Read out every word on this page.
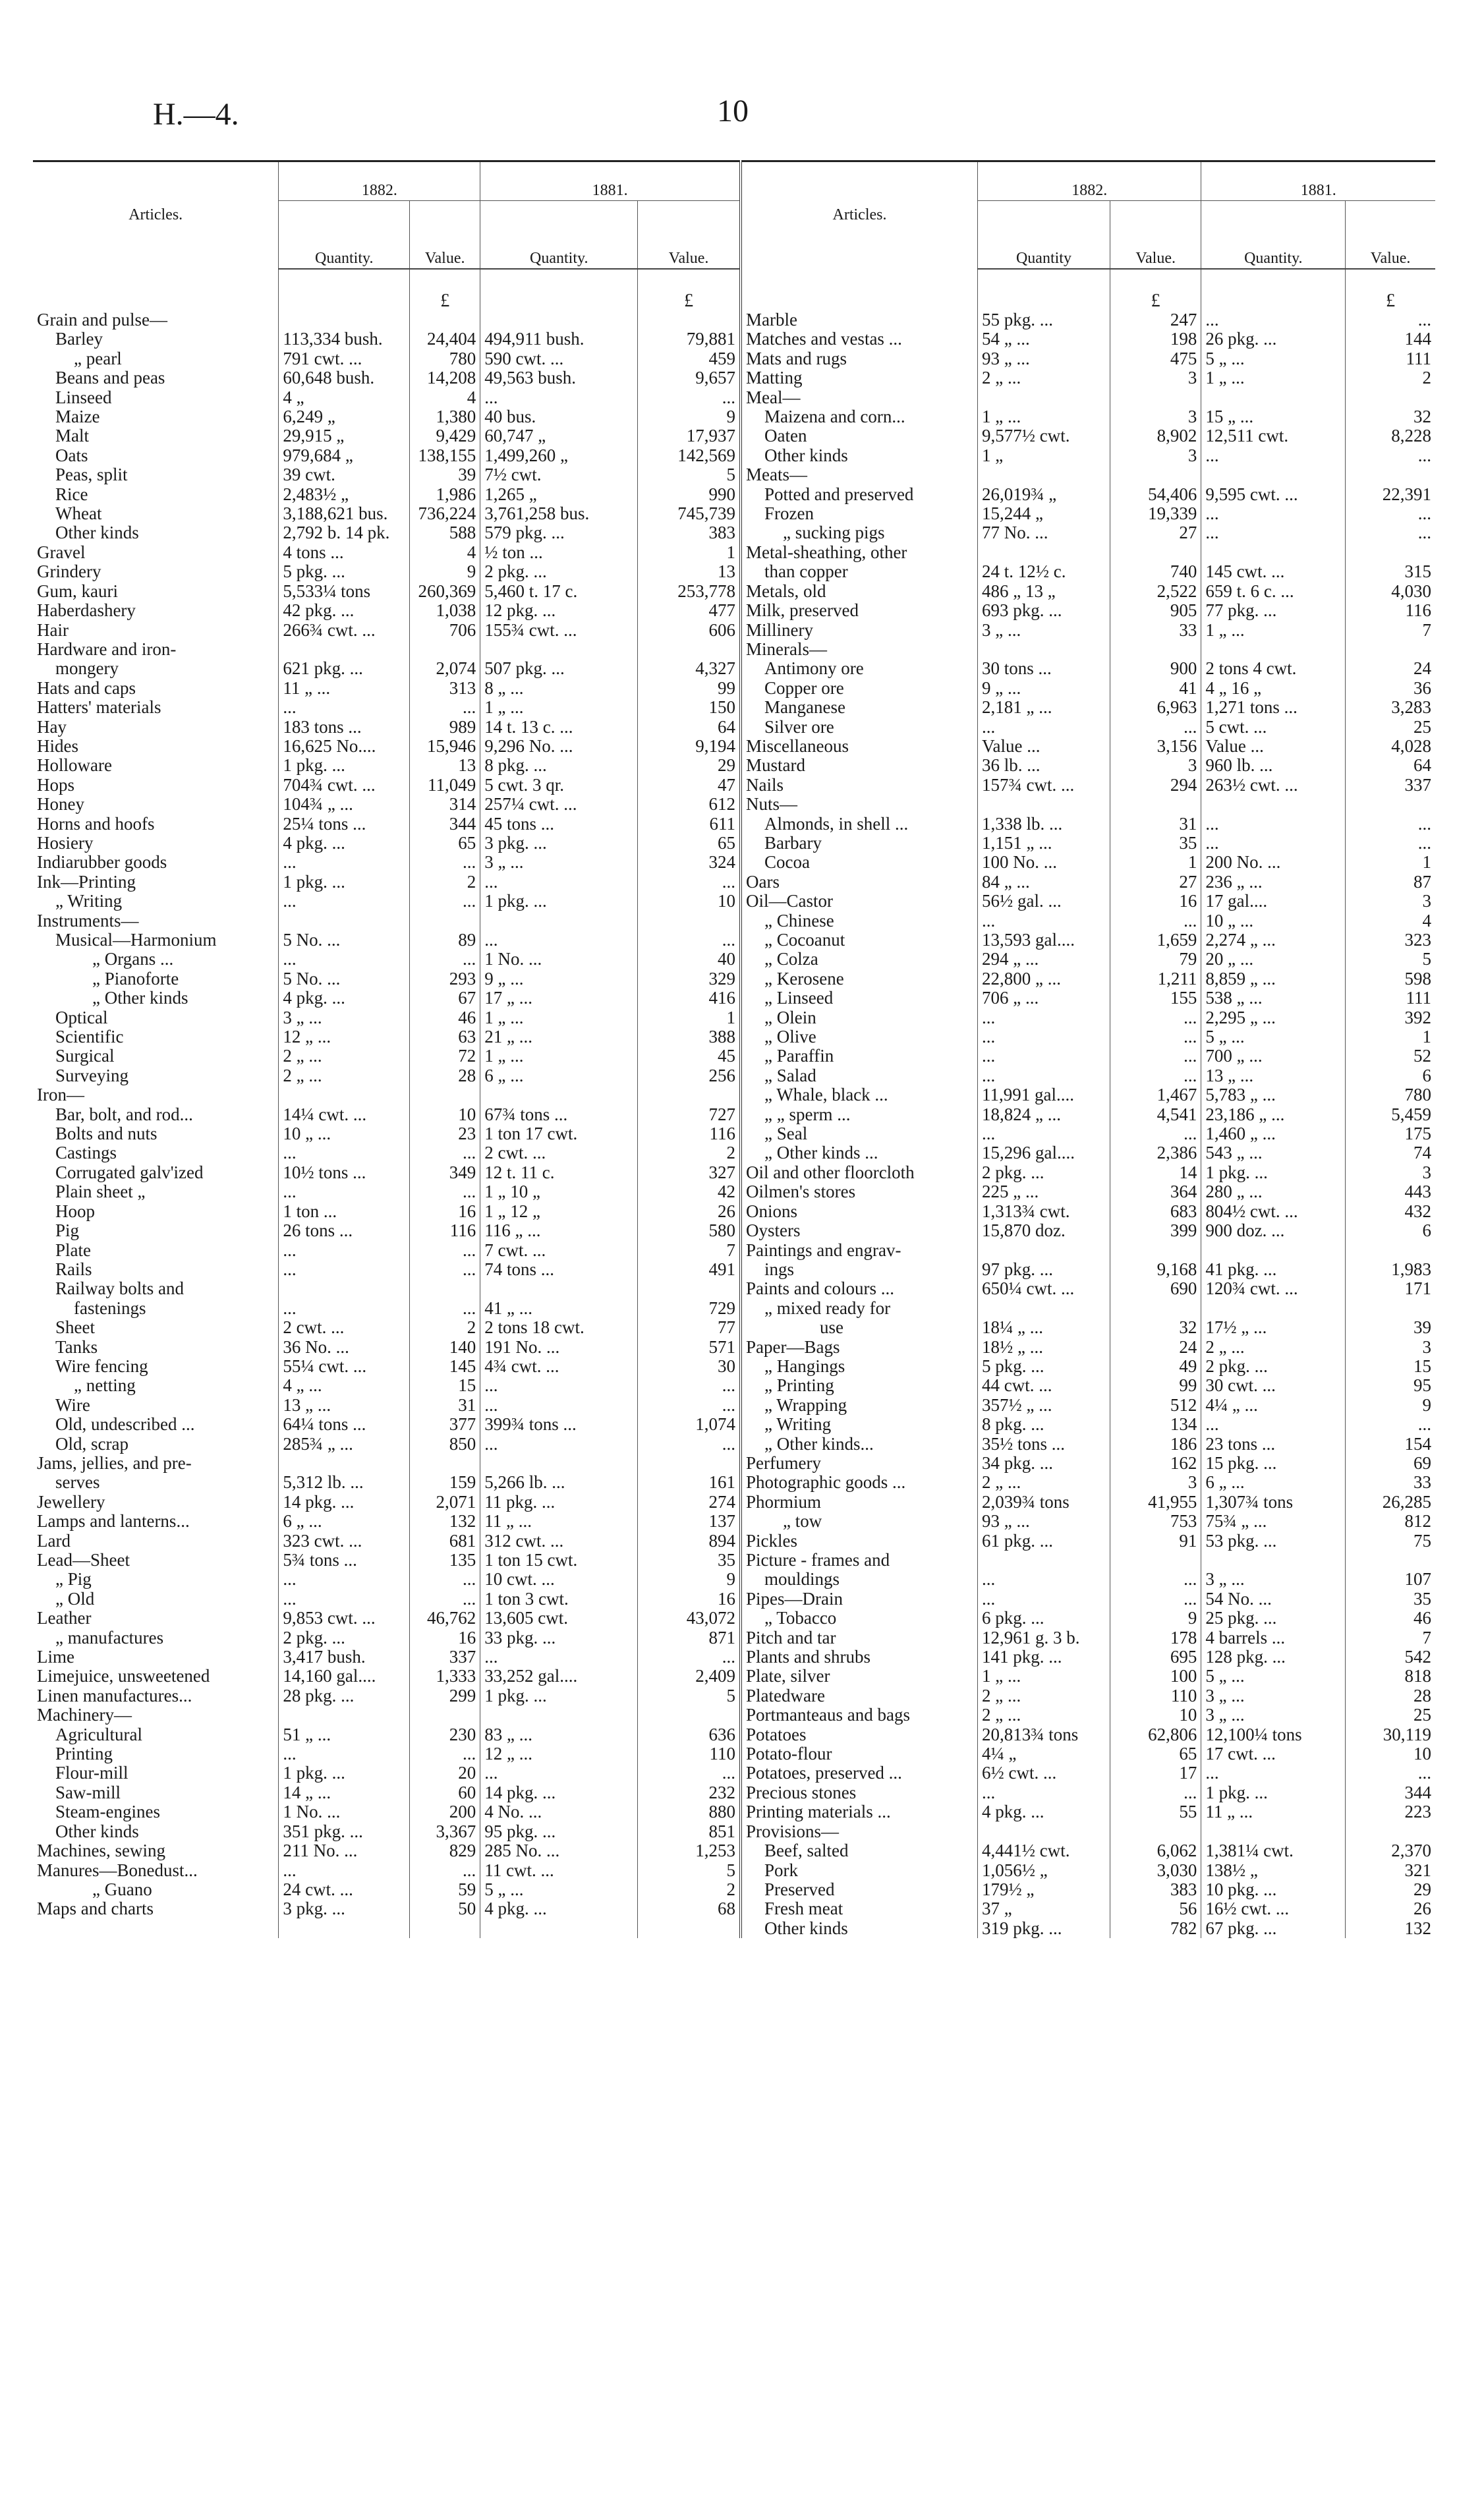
H.—4.	10
Articles.	1882.		1881.		Articles.	1882.		1881.	
	Quantity.	Value.	Quantity.	Value.		Quantity	Value.	Quantity.	Value.
		£		£			£		£
Grain and pulse—					Marble	55 pkg. ...	247	...	...
Barley	113,334 bush.	24,404	494,911 bush.	79,881	Matches and vestas ...	54 „ ...	198	26 pkg. ...	144
„ pearl	791 cwt. ...	780	590 cwt. ...	459	Mats and rugs	93 „ ...	475	5 „ ...	111
Beans and peas	60,648 bush.	14,208	49,563 bush.	9,657	Matting	2 „ ...	3	1 „ ...	2
Linseed	4 „	4	...	...	Meal—				
Maize	6,249 „	1,380	40 bus.	9	Maizena and corn...	1 „ ...	3	15 „ ...	32
Malt	29,915 „	9,429	60,747 „	17,937	Oaten	9,577½ cwt.	8,902	12,511 cwt.	8,228
Oats	979,684 „	138,155	1,499,260 „	142,569	Other kinds	1 „	3	...	...
Peas, split	39 cwt.	39	7½ cwt.	5	Meats—				
Rice	2,483½ „	1,986	1,265 „	990	Potted and preserved	26,019¾ „	54,406	9,595 cwt. ...	22,391
Wheat	3,188,621 bus.	736,224	3,761,258 bus.	745,739	Frozen	15,244 „	19,339	...	...
Other kinds	2,792 b. 14 pk.	588	579 pkg. ...	383	„ sucking pigs	77 No. ...	27	...	...
Gravel	4 tons ...	4	½ ton ...	1	Metal-sheathing, other				
Grindery	5 pkg. ...	9	2 pkg. ...	13	than copper	24 t. 12½ c.	740	145 cwt. ...	315
Gum, kauri	5,533¼ tons	260,369	5,460 t. 17 c.	253,778	Metals, old	486 „ 13 „	2,522	659 t. 6 c. ...	4,030
Haberdashery	42 pkg. ...	1,038	12 pkg. ...	477	Milk, preserved	693 pkg. ...	905	77 pkg. ...	116
Hair	266¾ cwt. ...	706	155¾ cwt. ...	606	Millinery	3 „ ...	33	1 „ ...	7
Hardware and iron-					Minerals—				
mongery	621 pkg. ...	2,074	507 pkg. ...	4,327	Antimony ore	30 tons ...	900	2 tons 4 cwt.	24
Hats and caps	11 „ ...	313	8 „ ...	99	Copper ore	9 „ ...	41	4 „ 16 „	36
Hatters' materials	...	...	1 „ ...	150	Manganese	2,181 „ ...	6,963	1,271 tons ...	3,283
Hay	183 tons ...	989	14 t. 13 c. ...	64	Silver ore	...	...	5 cwt. ...	25
Hides	16,625 No....	15,946	9,296 No. ...	9,194	Miscellaneous	Value ...	3,156	Value ...	4,028
Holloware	1 pkg. ...	13	8 pkg. ...	29	Mustard	36 lb. ...	3	960 lb. ...	64
Hops	704¾ cwt. ...	11,049	5 cwt. 3 qr.	47	Nails	157¾ cwt. ...	294	263½ cwt. ...	337
Honey	104¾ „ ...	314	257¼ cwt. ...	612	Nuts—				
Horns and hoofs	25¼ tons ...	344	45 tons ...	611	Almonds, in shell ...	1,338 lb. ...	31	...	...
Hosiery	4 pkg. ...	65	3 pkg. ...	65	Barbary	1,151 „ ...	35	...	...
Indiarubber goods	...	...	3 „ ...	324	Cocoa	100 No. ...	1	200 No. ...	1
Ink—Printing	1 pkg. ...	2	...	...	Oars	84 „ ...	27	236 „ ...	87
„ Writing	...	...	1 pkg. ...	10	Oil—Castor	56½ gal. ...	16	17 gal....	3
Instruments—					„ Chinese	...	...	10 „ ...	4
Musical—Harmonium	5 No. ...	89	...	...	„ Cocoanut	13,593 gal....	1,659	2,274 „ ...	323
„ Organs ...	...	...	1 No. ...	40	„ Colza	294 „ ...	79	20 „ ...	5
„ Pianoforte	5 No. ...	293	9 „ ...	329	„ Kerosene	22,800 „ ...	1,211	8,859 „ ...	598
„ Other kinds	4 pkg. ...	67	17 „ ...	416	„ Linseed	706 „ ...	155	538 „ ...	111
Optical	3 „ ...	46	1 „ ...	1	„ Olein	...	...	2,295 „ ...	392
Scientific	12 „ ...	63	21 „ ...	388	„ Olive	...	...	5 „ ...	1
Surgical	2 „ ...	72	1 „ ...	45	„ Paraffin	...	...	700 „ ...	52
Surveying	2 „ ...	28	6 „ ...	256	„ Salad	...	...	13 „ ...	6
Iron—					„ Whale, black ...	11,991 gal....	1,467	5,783 „ ...	780
Bar, bolt, and rod...	14¼ cwt. ...	10	67¾ tons ...	727	„ „ sperm ...	18,824 „ ...	4,541	23,186 „ ...	5,459
Bolts and nuts	10 „ ...	23	1 ton 17 cwt.	116	„ Seal	...	...	1,460 „ ...	175
Castings	...	...	2 cwt. ...	2	„ Other kinds ...	15,296 gal....	2,386	543 „ ...	74
Corrugated galv'ized	10½ tons ...	349	12 t. 11 c.	327	Oil and other floorcloth	2 pkg. ...	14	1 pkg. ...	3
Plain sheet „	...	...	1 „ 10 „	42	Oilmen's stores	225 „ ...	364	280 „ ...	443
Hoop	1 ton ...	16	1 „ 12 „	26	Onions	1,313¾ cwt.	683	804½ cwt. ...	432
Pig	26 tons ...	116	116 „ ...	580	Oysters	15,870 doz.	399	900 doz. ...	6
Plate	...	...	7 cwt. ...	7	Paintings and engrav-				
Rails	...	...	74 tons ...	491	ings	97 pkg. ...	9,168	41 pkg. ...	1,983
Railway bolts and					Paints and colours ...	650¼ cwt. ...	690	120¾ cwt. ...	171
fastenings	...	...	41 „ ...	729	„ mixed ready for				
Sheet	2 cwt. ...	2	2 tons 18 cwt.	77	use	18¼ „ ...	32	17½ „ ...	39
Tanks	36 No. ...	140	191 No. ...	571	Paper—Bags	18½ „ ...	24	2 „ ...	3
Wire fencing	55¼ cwt. ...	145	4¾ cwt. ...	30	„ Hangings	5 pkg. ...	49	2 pkg. ...	15
„ netting	4 „ ...	15	...	...	„ Printing	44 cwt. ...	99	30 cwt. ...	95
Wire	13 „ ...	31	...	...	„ Wrapping	357½ „ ...	512	4¼ „ ...	9
Old, undescribed ...	64¼ tons ...	377	399¾ tons ...	1,074	„ Writing	8 pkg. ...	134	...	...
Old, scrap	285¾ „ ...	850	...	...	„ Other kinds...	35½ tons ...	186	23 tons ...	154
Jams, jellies, and pre-					Perfumery	34 pkg. ...	162	15 pkg. ...	69
serves	5,312 lb. ...	159	5,266 lb. ...	161	Photographic goods ...	2 „ ...	3	6 „ ...	33
Jewellery	14 pkg. ...	2,071	11 pkg. ...	274	Phormium	2,039¾ tons	41,955	1,307¾ tons	26,285
Lamps and lanterns...	6 „ ...	132	11 „ ...	137	„ tow	93 „ ...	753	75¾ „ ...	812
Lard	323 cwt. ...	681	312 cwt. ...	894	Pickles	61 pkg. ...	91	53 pkg. ...	75
Lead—Sheet	5¾ tons ...	135	1 ton 15 cwt.	35	Picture - frames and				
„ Pig	...	...	10 cwt. ...	9	mouldings	...	...	3 „ ...	107
„ Old	...	...	1 ton 3 cwt.	16	Pipes—Drain	...	...	54 No. ...	35
Leather	9,853 cwt. ...	46,762	13,605 cwt.	43,072	„ Tobacco	6 pkg. ...	9	25 pkg. ...	46
„ manufactures	2 pkg. ...	16	33 pkg. ...	871	Pitch and tar	12,961 g. 3 b.	178	4 barrels ...	7
Lime	3,417 bush.	337	...	...	Plants and shrubs	141 pkg. ...	695	128 pkg. ...	542
Limejuice, unsweetened	14,160 gal....	1,333	33,252 gal....	2,409	Plate, silver	1 „ ...	100	5 „ ...	818
Linen manufactures...	28 pkg. ...	299	1 pkg. ...	5	Platedware	2 „ ...	110	3 „ ...	28
Machinery—					Portmanteaus and bags	2 „ ...	10	3 „ ...	25
Agricultural	51 „ ...	230	83 „ ...	636	Potatoes	20,813¾ tons	62,806	12,100¼ tons	30,119
Printing	...	...	12 „ ...	110	Potato-flour	4¼ „	65	17 cwt. ...	10
Flour-mill	1 pkg. ...	20	...	...	Potatoes, preserved ...	6½ cwt. ...	17	...	...
Saw-mill	14 „ ...	60	14 pkg. ...	232	Precious stones	...	...	1 pkg. ...	344
Steam-engines	1 No. ...	200	4 No. ...	880	Printing materials ...	4 pkg. ...	55	11 „ ...	223
Other kinds	351 pkg. ...	3,367	95 pkg. ...	851	Provisions—				
Machines, sewing	211 No. ...	829	285 No. ...	1,253	Beef, salted	4,441½ cwt.	6,062	1,381¼ cwt.	2,370
Manures—Bonedust...	...	...	11 cwt. ...	5	Pork	1,056½ „	3,030	138½ „	321
„ Guano	24 cwt. ...	59	5 „ ...	2	Preserved	179½ „	383	10 pkg. ...	29
Maps and charts	3 pkg. ...	50	4 pkg. ...	68	Fresh meat	37 „	56	16½ cwt. ...	26
					Other kinds	319 pkg. ...	782	67 pkg. ...	132
